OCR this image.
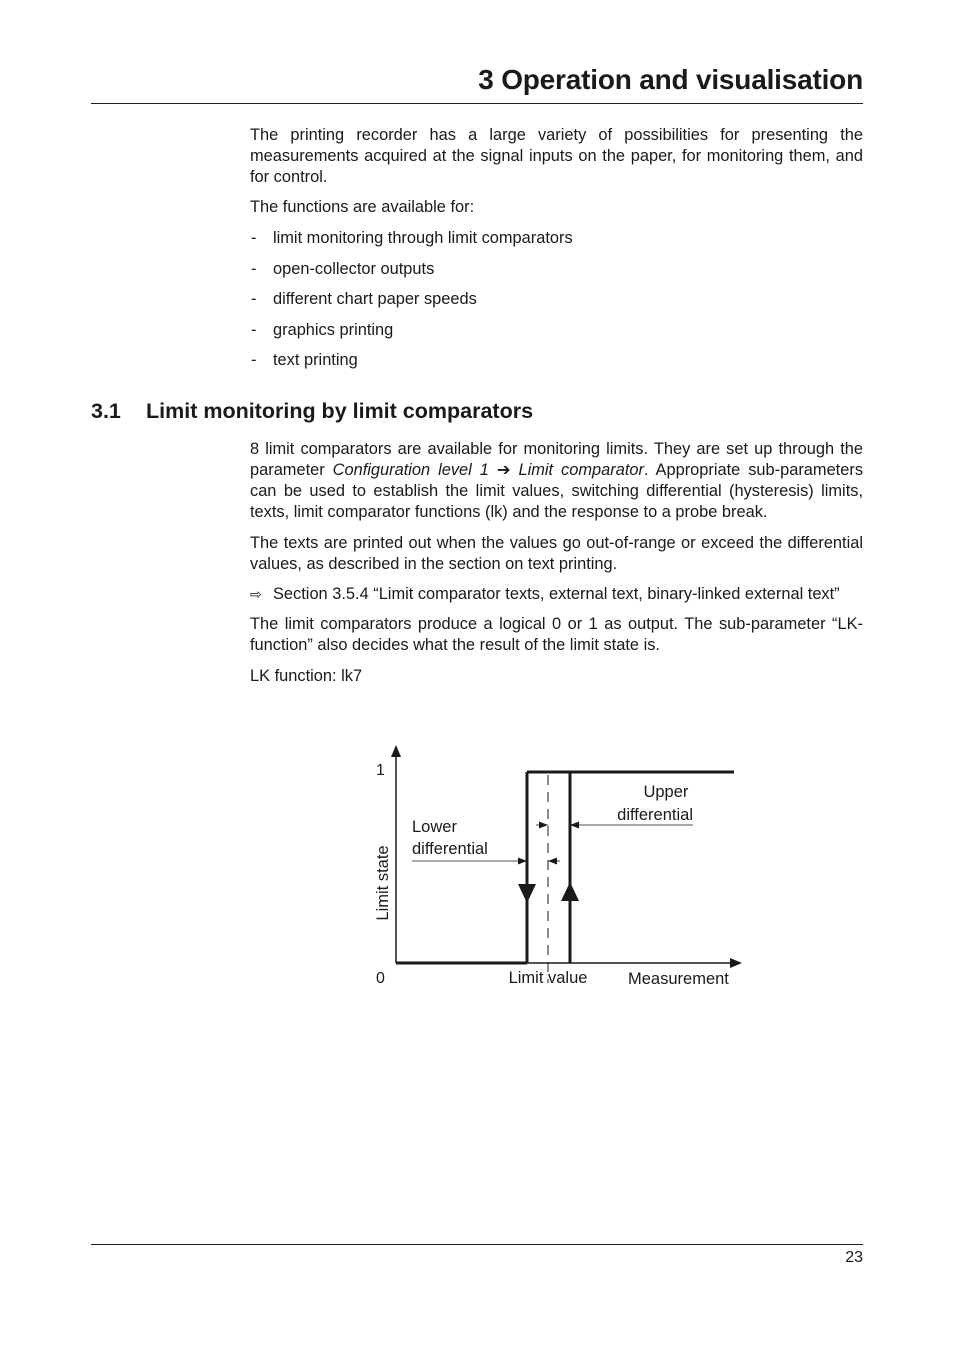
3 Operation and visualisation

The printing recorder has a large variety of possibilities for presenting the measurements acquired at the signal inputs on the paper, for monitoring them, and for control.

The functions are available for:

- limit monitoring through limit comparators
- open-collector outputs
- different chart paper speeds
- graphics printing
- text printing
3.1 Limit monitoring by limit comparators

8 limit comparators are available for monitoring limits. They are set up through the parameter Configuration level 1 ➔ Limit comparator. Appropriate sub-parameters can be used to establish the limit values, switching differential (hysteresis) limits, texts, limit comparator functions (lk) and the response to a probe break.

The texts are printed out when the values go out-of-range or exceed the differential values, as described in the section on text printing.

⇨ Section 3.5.4 “Limit comparator texts, external text, binary-linked external text”

The limit comparators produce a logical 0 or 1 as output. The sub-parameter “LK-function” also decides what the result of the limit state is.

LK function: lk7

1
0
Limit state
Measurement
Limit value
Lower differential
Upper differential

23
